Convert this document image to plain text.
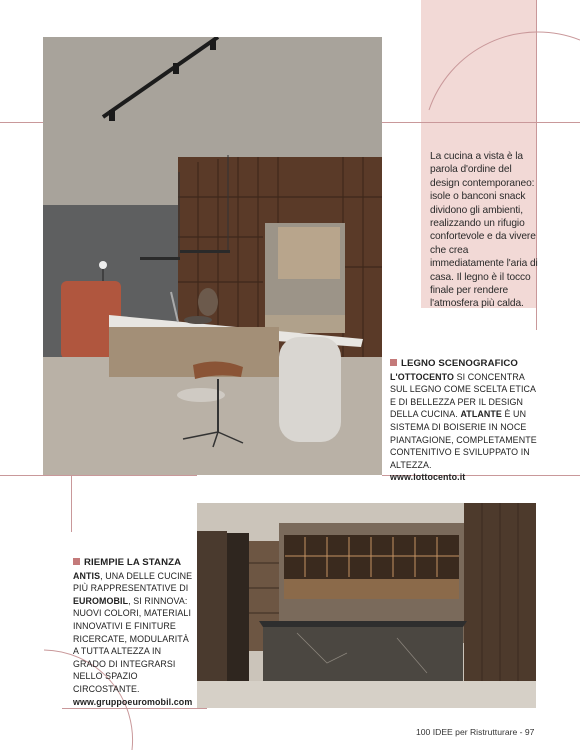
La cucina a vista è la parola d'ordine del design contemporaneo: isole o banconi snack dividono gli ambienti, realizzando un rifugio confortevole e da vivere che crea immediatamente l'aria di casa. Il legno è il tocco finale per rendere l'atmosfera più calda.
LEGNO SCENOGRAFICO
L'OTTOCENTO SI CONCENTRA SUL LEGNO COME SCELTA ETICA E DI BELLEZZA PER IL DESIGN DELLA CUCINA. ATLANTE È UN SISTEMA DI BOISERIE IN NOCE PIANTAGIONE, COMPLETAMENTE CONTENITIVO E SVILUPPATO IN ALTEZZA.
www.lottocento.it
RIEMPIE LA STANZA
ANTIS, UNA DELLE CUCINE PIÙ RAPPRESENTATIVE DI EUROMOBIL, SI RINNOVA: NUOVI COLORI, MATERIALI INNOVATIVI E FINITURE RICERCATE, MODULARITÀ A TUTTA ALTEZZA IN GRADO DI INTEGRARSI NELLO SPAZIO CIRCOSTANTE.
www.gruppoeuromobil.com
100 IDEE per Ristrutturare - 97
